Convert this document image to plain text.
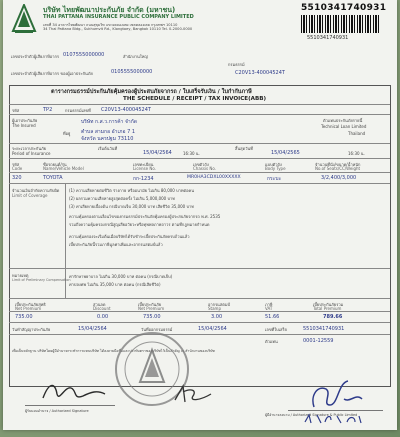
บริษัท ไทยพัฒนาประกันภัย จำกัด (มหาชน)
THAI PATTANA INSURANCE PUBLIC COMPANY LIMITED
เลขที่ 34 อาคารไทยพัฒนา ถนนสุขุมวิท แขวงคลองเตย เขตคลองเตย กรุงเทพฯ 10110
34 Thai Pattana Bldg., Sukhumvit Rd., Klongtoey, Bangkok 10110 Tel. 0-2000-0000
5510341740931
5510341740931
เลขประจำตัวผู้เสียภาษีอากร 0107555000000	สำนักงานใหญ่
เลขประจำตัวผู้เสียภาษีอากร ของผู้เอาประกันภัย	0105555000000
กรมธรรม์
C20V13-40004524T
ตารางกรมธรรม์ประกันภัยคุ้มครองผู้ประสบภัยจากรถ / ใบเสร็จรับเงิน / ใบกำกับภาษี
THE SCHEDULE / RECEIPT / TAX INVOICE(ABB)
รหัส	TP2	กรมธรรม์เลขที่ C20V13-40004524T
ผู้เอาประกันภัย
The Insured
บริษัท ก.ส.ว.การค้า จำกัด
ที่อยู่ ตำบล สามกอ อำเภอ 7 1
จังหวัด นครปฐม 73110
ตัวแทนประกันภัยรายนี้
Technical Loan Limited
Thailand
ระยะเวลาประกันภัย
Period of Insurance
เริ่มต้นวันที่
15/04/2564	16:30 น.
สิ้นสุดวันที่
15/04/2565	16:30 น.
รหัส	ชื่อรถยนต์/รุ่น	เลขทะเบียน	เลขตัวถัง	แบบตัวถัง	จำนวนที่นั่ง/ขนาด/น้ำหนัก
Code	Name/Vehicle Model	License No.	Chassis No.	Body Type	No.of Seats/CC/Weight
320	TOYOTA	กก-1234	MR0HA3CDXL00XXXXX	กระบะ	3/2,400/3,000
จำนวนเงินจำกัดความรับผิด
Limit of Coverage
(1) ความเสียหายต่อชีวิต ร่างกาย หรืออนามัย ไม่เกิน 80,000 บาทต่อคน
(2) ผลรวมความเสียหายสูงสุดต่อครั้ง ไม่เกิน 5,000,000 บาท
(3) ค่าเสียหายเบื้องต้น กรณีบาดเจ็บ 30,000 บาท เสียชีวิต 35,000 บาท
ความคุ้มครองตามเงื่อนไขของกรมธรรม์ประกันภัยคุ้มครองผู้ประสบภัยจากรถ พ.ศ. 2535
รวมถึงความคุ้มครองกรณีสูญเสียอวัยวะหรือทุพพลภาพถาวร ตามที่กฎหมายกำหนด
ความคุ้มครองจะเริ่มต้นเมื่อบริษัทได้รับชำระเบี้ยประกันภัยครบถ้วนแล้ว
เบี้ยประกันภัยนี้รวมภาษีมูลค่าเพิ่มและอากรแสตมป์แล้ว
หมายเหตุ
Limit of Preliminary Compensation
ค่ารักษาพยาบาล ไม่เกิน 30,000 บาท ต่อคน (กรณีบาดเจ็บ)
ค่าปลงศพ ไม่เกิน 35,000 บาท ต่อคน (กรณีเสียชีวิต)
เบี้ยประกันภัยสุทธิ	ส่วนลด	เบี้ยประกันภัย	อากรแสตมป์	ภาษี	เบี้ยประกันภัยรวม
Net Premium	Discount	Net Premium	Stamp	VAT	Total Premium
735.00	0.00	735.00	3.00	51.66	789.66
วันทำสัญญาประกันภัย	15/04/2564	วันที่ออกกรมธรรม์	15/04/2564	เลขที่ใบเสร็จ	5510341740931
ตัวแทน	0001-12559
เพื่อเป็นหลักฐาน บริษัทโดยผู้มีอำนาจกระทำการแทนบริษัท ได้ลงลายมือชื่อและประทับตราของบริษัทไว้เป็นสำคัญ ณ สำนักงานของบริษัท
ผู้รับมอบอำนาจ / Authorized Signature
ผู้มีอำนาจลงนาม / Authorized Signature & Public Limited
